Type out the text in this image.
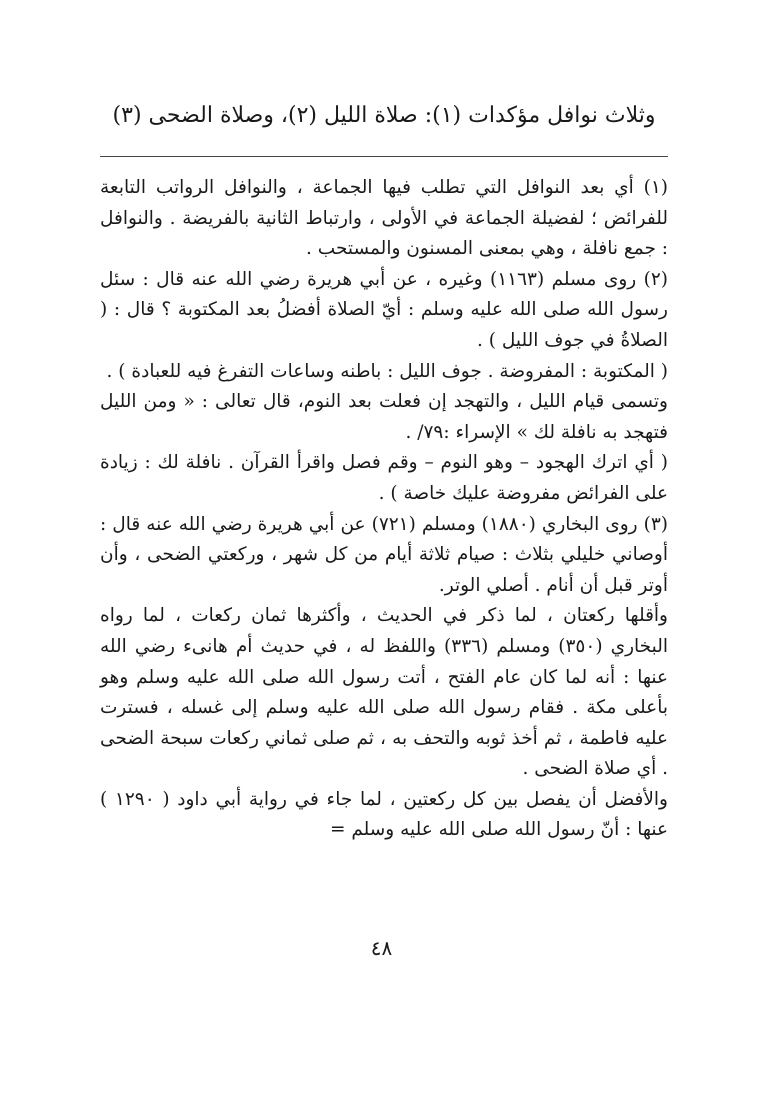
وثلاث نوافل مؤكدات (١): صلاة الليل (٢)، وصلاة الضحى (٣)

(١) أي بعد النوافل التي تطلب فيها الجماعة ، والنوافل الرواتب التابعة للفرائض ؛ لفضيلة الجماعة في الأولى ، وارتباط الثانية بالفريضة . والنوافل : جمع نافلة ، وهي بمعنى المسنون والمستحب .

(٢) روى مسلم (١١٦٣) وغيره ، عن أبي هريرة رضي الله عنه قال : سئل رسول الله صلى الله عليه وسلم : أيّ الصلاة أفضلُ بعد المكتوبة ؟ قال : ( الصلاةُ في جوف الليل ) .

( المكتوبة : المفروضة . جوف الليل : باطنه وساعات التفرغ فيه للعبادة ) .

وتسمى قيام الليل ، والتهجد إن فعلت بعد النوم، قال تعالى : « ومن الليل فتهجد به نافلة لك » الإسراء :٧٩/ .

( أي اترك الهجود – وهو النوم – وقم فصل واقرأ القرآن . نافلة لك : زيادة على الفرائض مفروضة عليك خاصة ) .

(٣) روى البخاري (١٨٨٠) ومسلم (٧٢١) عن أبي هريرة رضي الله عنه قال : أوصاني خليلي بثلاث : صيام ثلاثة أيام من كل شهر ، وركعتي الضحى ، وأن أوتر قبل أن أنام . أصلي الوتر.

وأقلها ركعتان ، لما ذكر في الحديث ، وأكثرها ثمان ركعات ، لما رواه البخاري (٣٥٠) ومسلم (٣٣٦) واللفظ له ، في حديث أم هانىء رضي الله عنها : أنه لما كان عام الفتح ، أتت رسول الله صلى الله عليه وسلم وهو بأعلى مكة . فقام رسول الله صلى الله عليه وسلم إلى غسله ، فسترت عليه فاطمة ، ثم أخذ ثوبه والتحف به ، ثم صلى ثماني ركعات سبحة الضحى . أي صلاة الضحى .

والأفضل أن يفصل بين كل ركعتين ، لما جاء في رواية أبي داود ( ١٢٩٠ ) عنها : أنّ رسول الله صلى الله عليه وسلم =

٤٨
